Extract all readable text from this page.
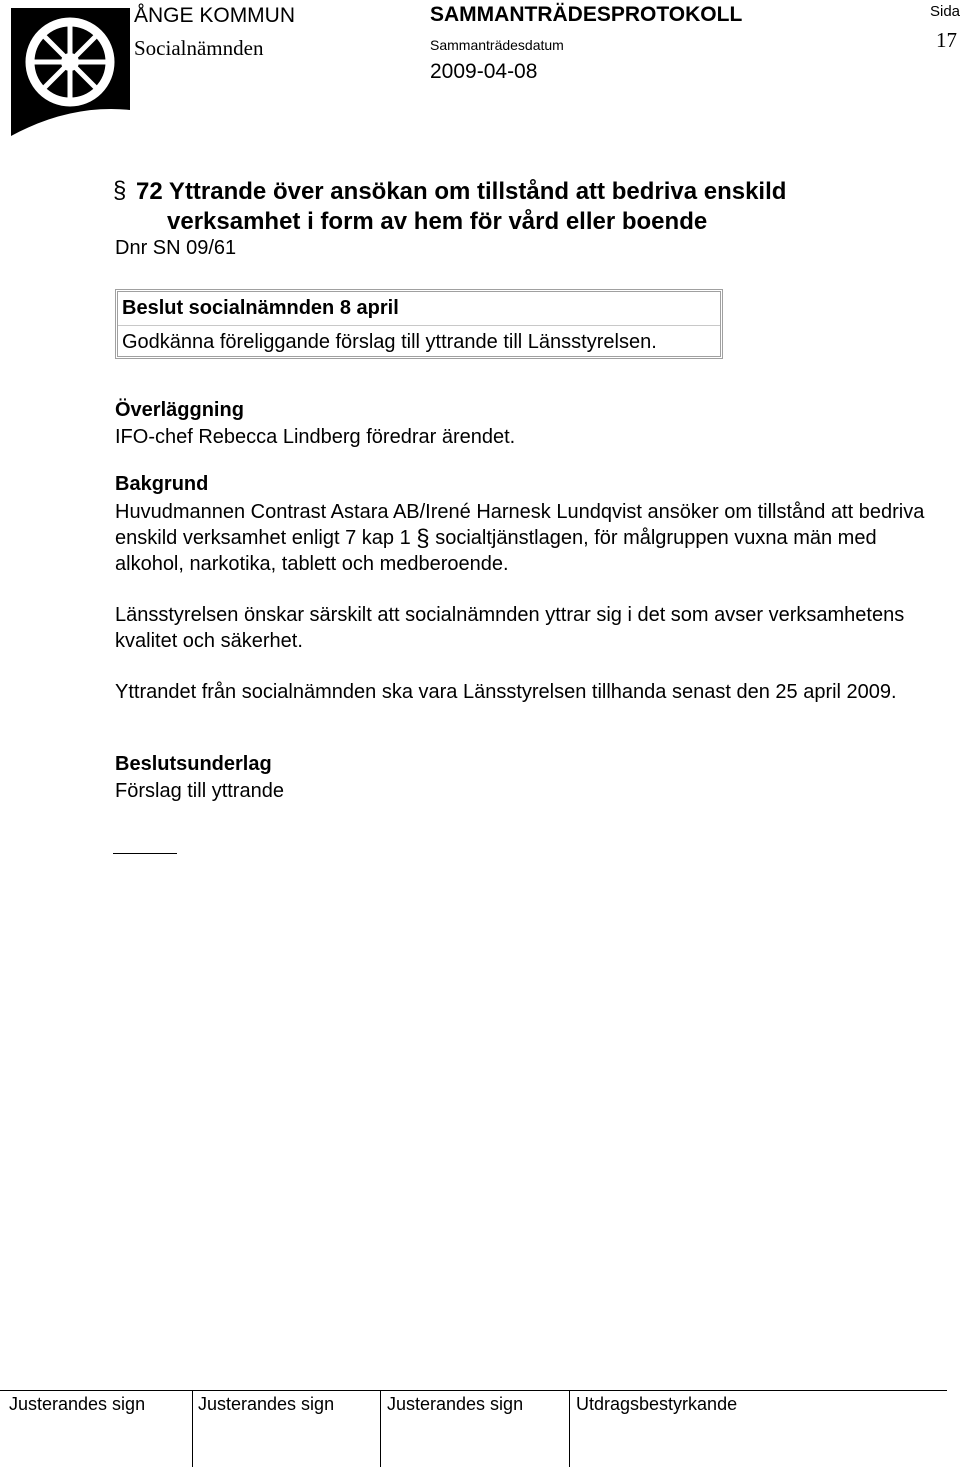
ÅNGE KOMMUN
Socialnämnden
SAMMANTRÄDESPROTOKOLL
Sammanträdesdatum
2009-04-08
Sida
17
§ 72 Yttrande över ansökan om tillstånd att bedriva enskild
verksamhet i form av hem för vård eller boende
Dnr SN 09/61
Beslut socialnämnden 8 april
Godkänna föreliggande förslag till yttrande till Länsstyrelsen.
Överläggning
IFO-chef Rebecca Lindberg föredrar ärendet.
Bakgrund
Huvudmannen Contrast Astara AB/Irené Harnesk Lundqvist ansöker om tillstånd att bedriva enskild verksamhet enligt 7 kap 1 § socialtjänstlagen, för målgruppen vuxna män med alkohol, narkotika, tablett och medberoende.
Länsstyrelsen önskar särskilt att socialnämnden yttrar sig i det som avser verksamhetens kvalitet och säkerhet.
Yttrandet från socialnämnden ska vara Länsstyrelsen tillhanda senast den 25 april 2009.
Beslutsunderlag
Förslag till yttrande
Justerandes sign	Justerandes sign	Justerandes sign	Utdragsbestyrkande
